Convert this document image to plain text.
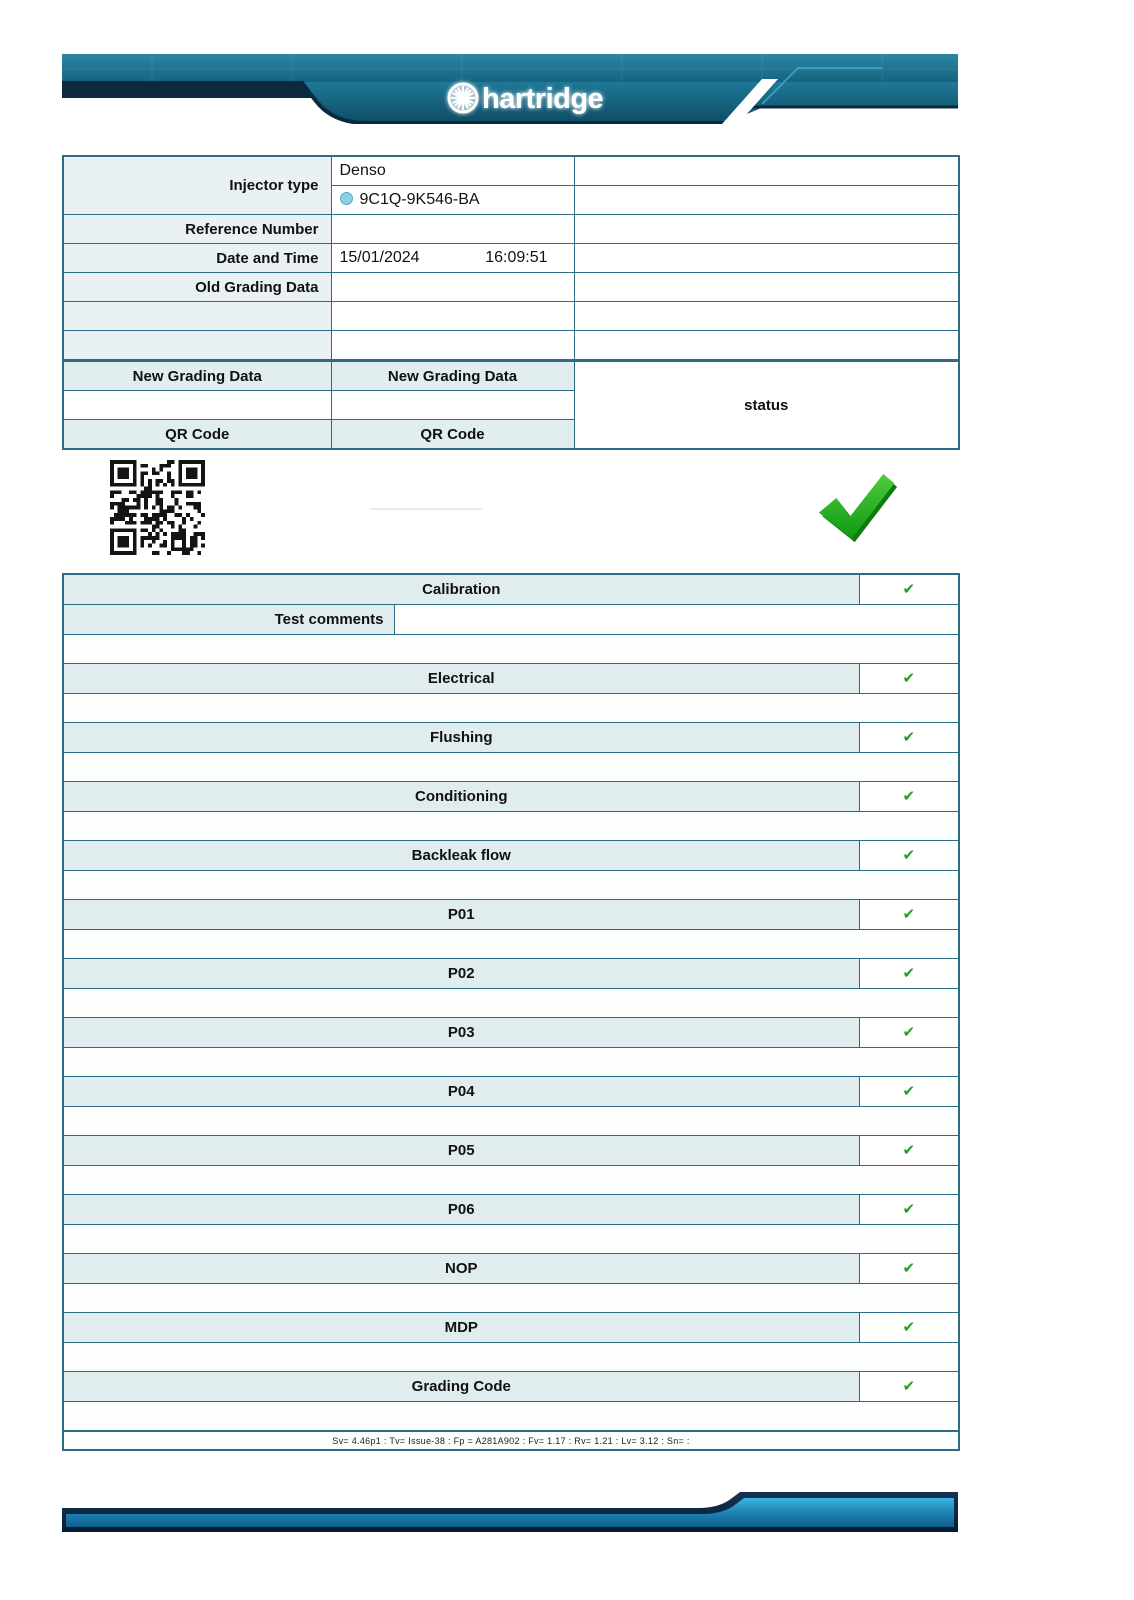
hartridge
Injector type	Denso	
	9C1Q-9K546-BA	
Reference Number		
Date and Time	15/01/2024 16:09:51	

Old Grading Data		

New Grading Data	New Grading Data	status

QR Code	QR Code	
Calibration		✔
Test comments		

Electrical		✔

Flushing		✔

Conditioning		✔

Backleak flow		✔

P01		✔

P02		✔

P03		✔

P04		✔

P05		✔

P06		✔

NOP		✔

MDP		✔

Grading Code		✔

Sv= 4.46p1 : Tv= Issue-38 : Fp = A281A902 : Fv= 1.17 : Rv= 1.21 : Lv= 3.12 : Sn= :		
